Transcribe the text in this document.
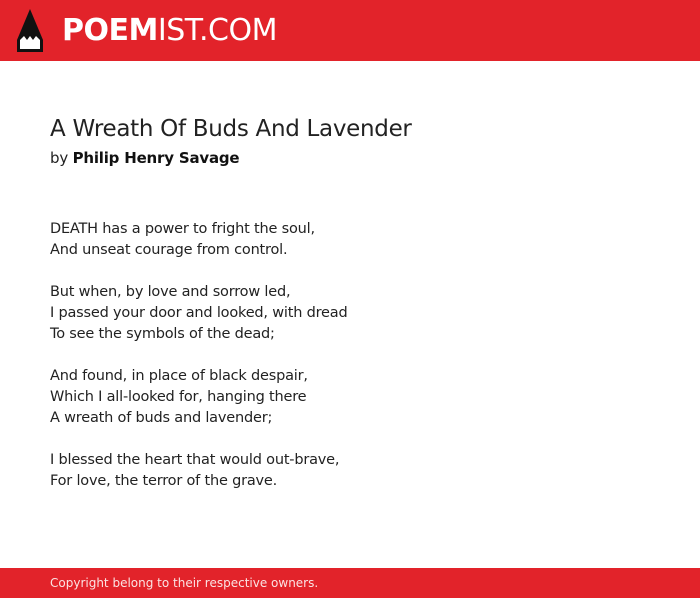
POEMIST.COM
A Wreath Of Buds And Lavender
by Philip Henry Savage
DEATH has a power to fright the soul,
And unseat courage from control.
But when, by love and sorrow led,
I passed your door and looked, with dread
To see the symbols of the dead;
And found, in place of black despair,
Which I all-looked for, hanging there
A wreath of buds and lavender;
I blessed the heart that would out-brave,
For love, the terror of the grave.
Copyright belong to their respective owners.
